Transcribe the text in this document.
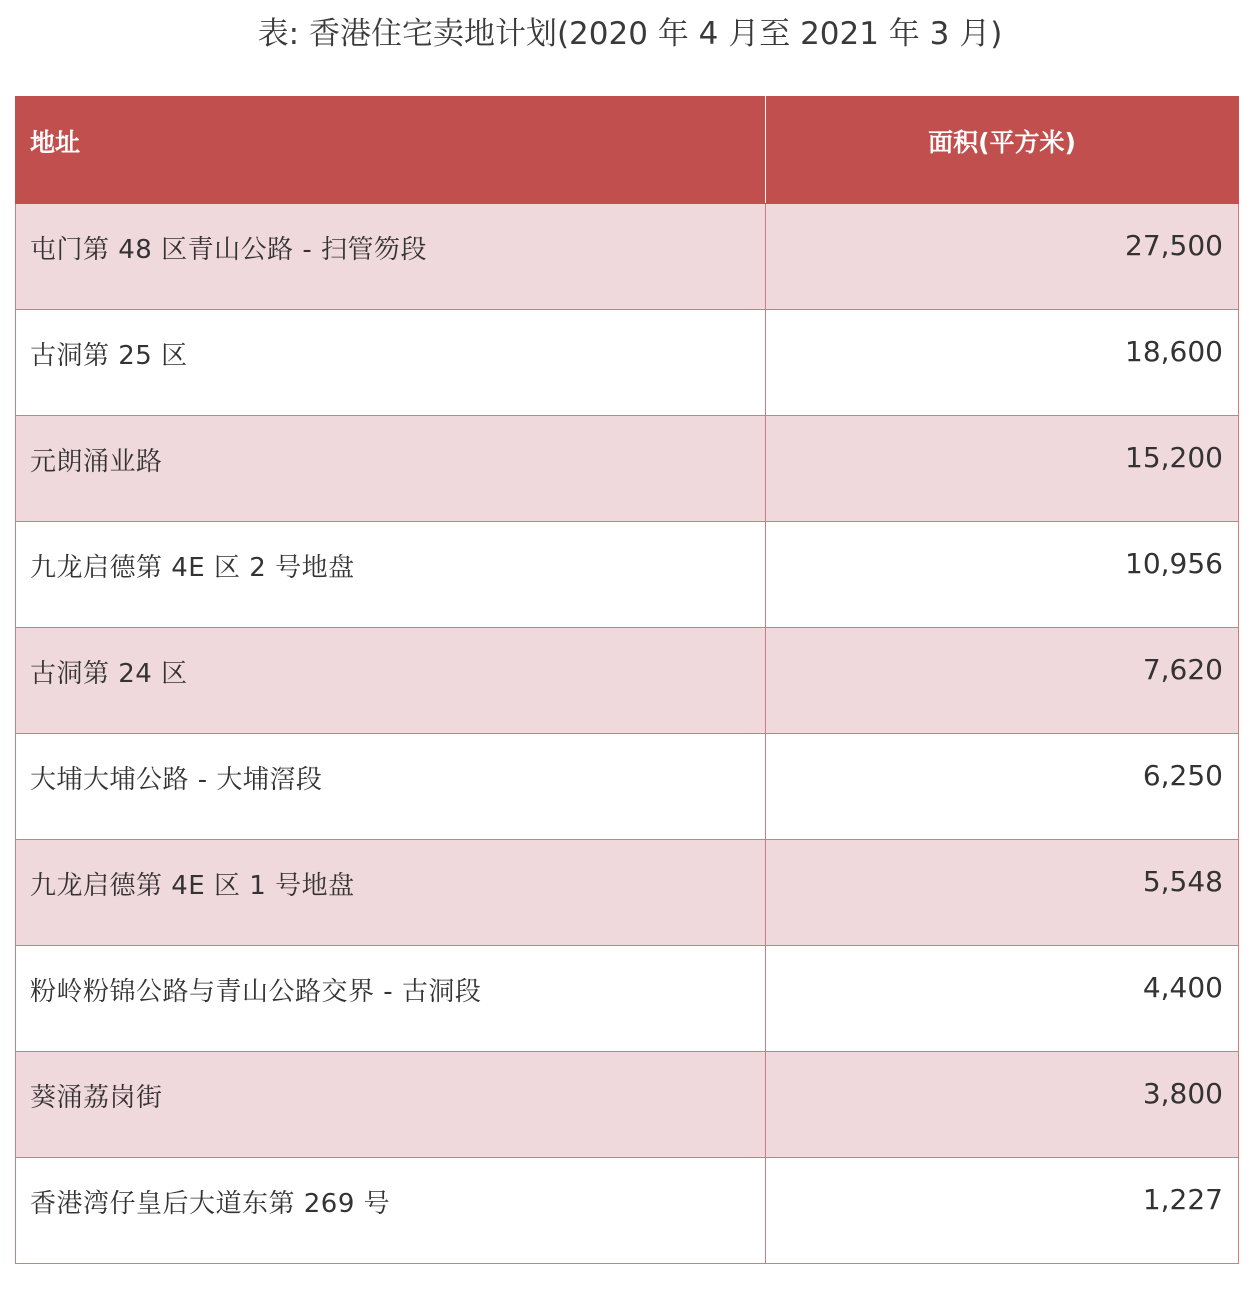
表: 香港住宅卖地计划(2020 年 4 月至 2021 年 3 月)
地址	面积(平方米)
屯门第 48 区青山公路 - 扫管笏段	27,500
古洞第 25 区	18,600
元朗涌业路	15,200
九龙启德第 4E 区 2 号地盘	10,956
古洞第 24 区	7,620
大埔大埔公路 - 大埔滘段	6,250
九龙启德第 4E 区 1 号地盘	5,548
粉岭粉锦公路与青山公路交界 - 古洞段	4,400
葵涌荔岗街	3,800
香港湾仔皇后大道东第 269 号	1,227
